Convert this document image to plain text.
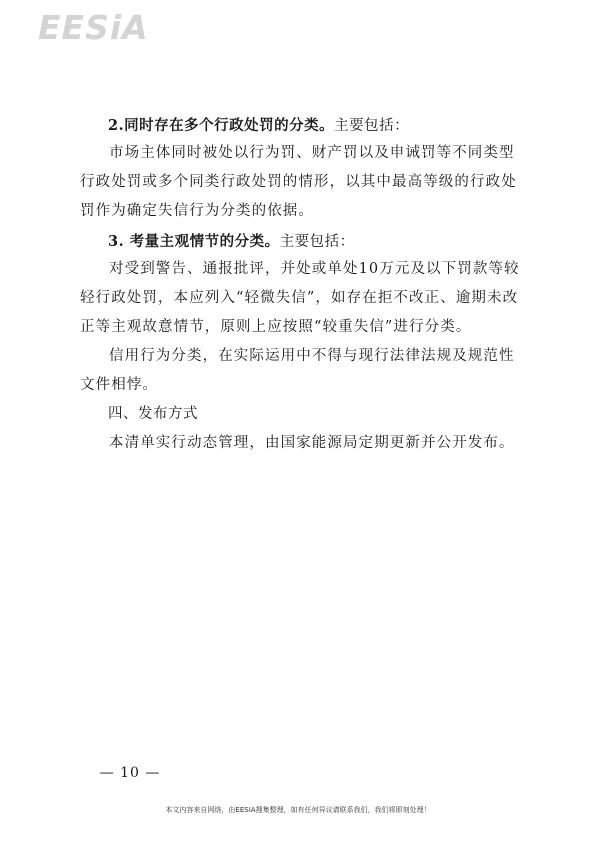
EESiA
2.同时存在多个行政处罚的分类。主要包括：
市场主体同时被处以行为罚、财产罚以及申诫罚等不同类型行政处罚或多个同类行政处罚的情形，以其中最高等级的行政处罚作为确定失信行为分类的依据。
3. 考量主观情节的分类。主要包括：
对受到警告、通报批评，并处或单处10万元及以下罚款等较轻行政处罚，本应列入“轻微失信”，如存在拒不改正、逾期未改正等主观故意情节，原则上应按照“较重失信”进行分类。
信用行为分类，在实际运用中不得与现行法律法规及规范性文件相悖。
四、发布方式
本清单实行动态管理，由国家能源局定期更新并公开发布。
— 10 —
本文内容来自网络，由EESIA搜集整理，如有任何异议请联系我们，我们将即刻处理！
